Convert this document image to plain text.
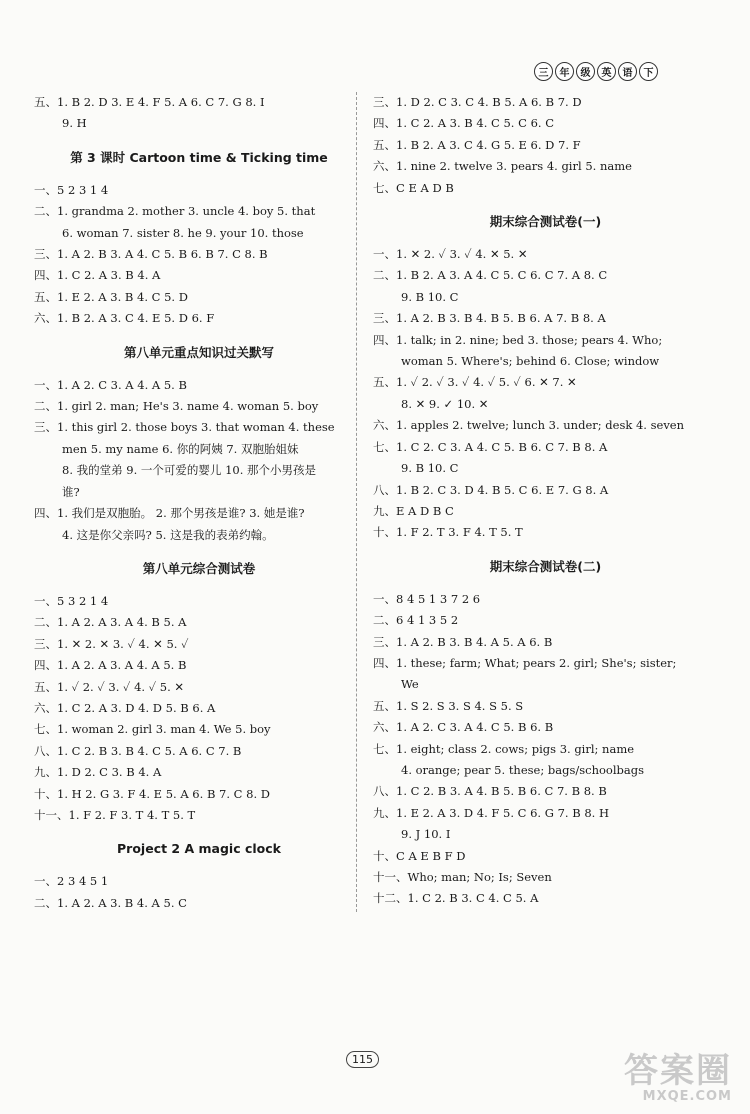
三	年	级	英	语	下
五、1. B 2. D 3. E 4. F 5. A 6. C 7. G 8. I
9. H
第 3 课时 Cartoon time & Ticking time
一、5 2 3 1 4
二、1. grandma 2. mother 3. uncle 4. boy 5. that
6. woman 7. sister 8. he 9. your 10. those
三、1. A 2. B 3. A 4. C 5. B 6. B 7. C 8. B
四、1. C 2. A 3. B 4. A
五、1. E 2. A 3. B 4. C 5. D
六、1. B 2. A 3. C 4. E 5. D 6. F
第八单元重点知识过关默写
一、1. A 2. C 3. A 4. A 5. B
二、1. girl 2. man; He's 3. name 4. woman 5. boy
三、1. this girl 2. those boys 3. that woman 4. these
men 5. my name 6. 你的阿姨 7. 双胞胎姐妹
8. 我的堂弟 9. 一个可爱的婴儿 10. 那个小男孩是
谁?
四、1. 我们是双胞胎。 2. 那个男孩是谁? 3. 她是谁?
4. 这是你父亲吗? 5. 这是我的表弟约翰。
第八单元综合测试卷
一、5 3 2 1 4
二、1. A 2. A 3. A 4. B 5. A
三、1. ✕ 2. ✕ 3. ✓ 4. ✕ 5. ✓
四、1. A 2. A 3. A 4. A 5. B
五、1. ✓ 2. ✓ 3. ✓ 4. ✓ 5. ✕
六、1. C 2. A 3. D 4. D 5. B 6. A
七、1. woman 2. girl 3. man 4. We 5. boy
八、1. C 2. B 3. B 4. C 5. A 6. C 7. B
九、1. D 2. C 3. B 4. A
十、1. H 2. G 3. F 4. E 5. A 6. B 7. C 8. D
十一、1. F 2. F 3. T 4. T 5. T
Project 2 A magic clock
一、2 3 4 5 1
二、1. A 2. A 3. B 4. A 5. C
三、1. D 2. C 3. C 4. B 5. A 6. B 7. D
四、1. C 2. A 3. B 4. C 5. C 6. C
五、1. B 2. A 3. C 4. G 5. E 6. D 7. F
六、1. nine 2. twelve 3. pears 4. girl 5. name
七、C E A D B
期末综合测试卷(一)
一、1. ✕ 2. ✓ 3. ✓ 4. ✕ 5. ✕
二、1. B 2. A 3. A 4. C 5. C 6. C 7. A 8. C
9. B 10. C
三、1. A 2. B 3. B 4. B 5. B 6. A 7. B 8. A
四、1. talk; in 2. nine; bed 3. those; pears 4. Who;
woman 5. Where's; behind 6. Close; window
五、1. ✓ 2. ✓ 3. ✓ 4. ✓ 5. ✓ 6. ✕ 7. ✕
8. ✕ 9. ✓ 10. ✕
六、1. apples 2. twelve; lunch 3. under; desk 4. seven
七、1. C 2. C 3. A 4. C 5. B 6. C 7. B 8. A
9. B 10. C
八、1. B 2. C 3. D 4. B 5. C 6. E 7. G 8. A
九、E A D B C
十、1. F 2. T 3. F 4. T 5. T
期末综合测试卷(二)
一、8 4 5 1 3 7 2 6
二、6 4 1 3 5 2
三、1. A 2. B 3. B 4. A 5. A 6. B
四、1. these; farm; What; pears 2. girl; She's; sister;
We
五、1. S 2. S 3. S 4. S 5. S
六、1. A 2. C 3. A 4. C 5. B 6. B
七、1. eight; class 2. cows; pigs 3. girl; name
4. orange; pear 5. these; bags/schoolbags
八、1. C 2. B 3. A 4. B 5. B 6. C 7. B 8. B
九、1. E 2. A 3. D 4. F 5. C 6. G 7. B 8. H
9. J 10. I
十、C A E B F D
十一、Who; man; No; Is; Seven
十二、1. C 2. B 3. C 4. C 5. A
115	答案圈
MXQE.COM
